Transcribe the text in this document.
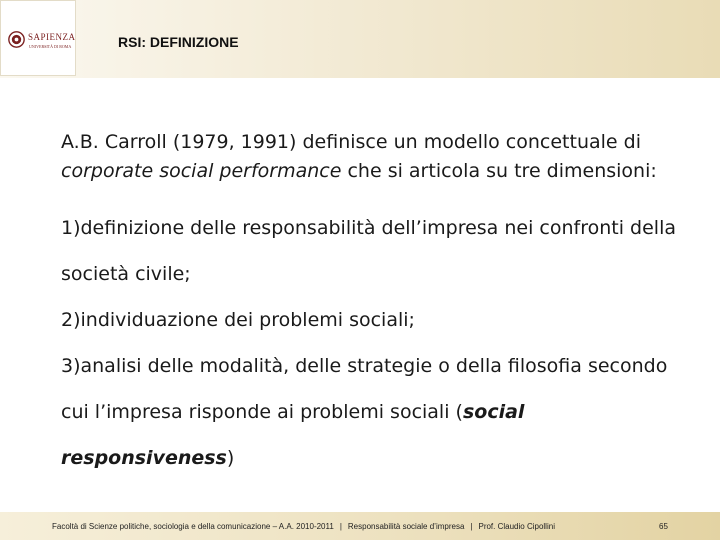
SAPIENZA
UNIVERSITÀ DI ROMA	RSI: DEFINIZIONE

A.B. Carroll (1979, 1991) definisce un modello concettuale di corporate social performance che si articola su tre dimensioni:

1)definizione delle responsabilità dell’impresa nei confronti della società civile;

2)individuazione dei problemi sociali;

3)analisi delle modalità, delle strategie o della filosofia secondo cui l’impresa risponde ai problemi sociali (social responsiveness)

Facoltà di Scienze politiche, sociologia e della comunicazione – A.A. 2010-2011 | Responsabilità sociale d’impresa | Prof. Claudio Cipollini	65
